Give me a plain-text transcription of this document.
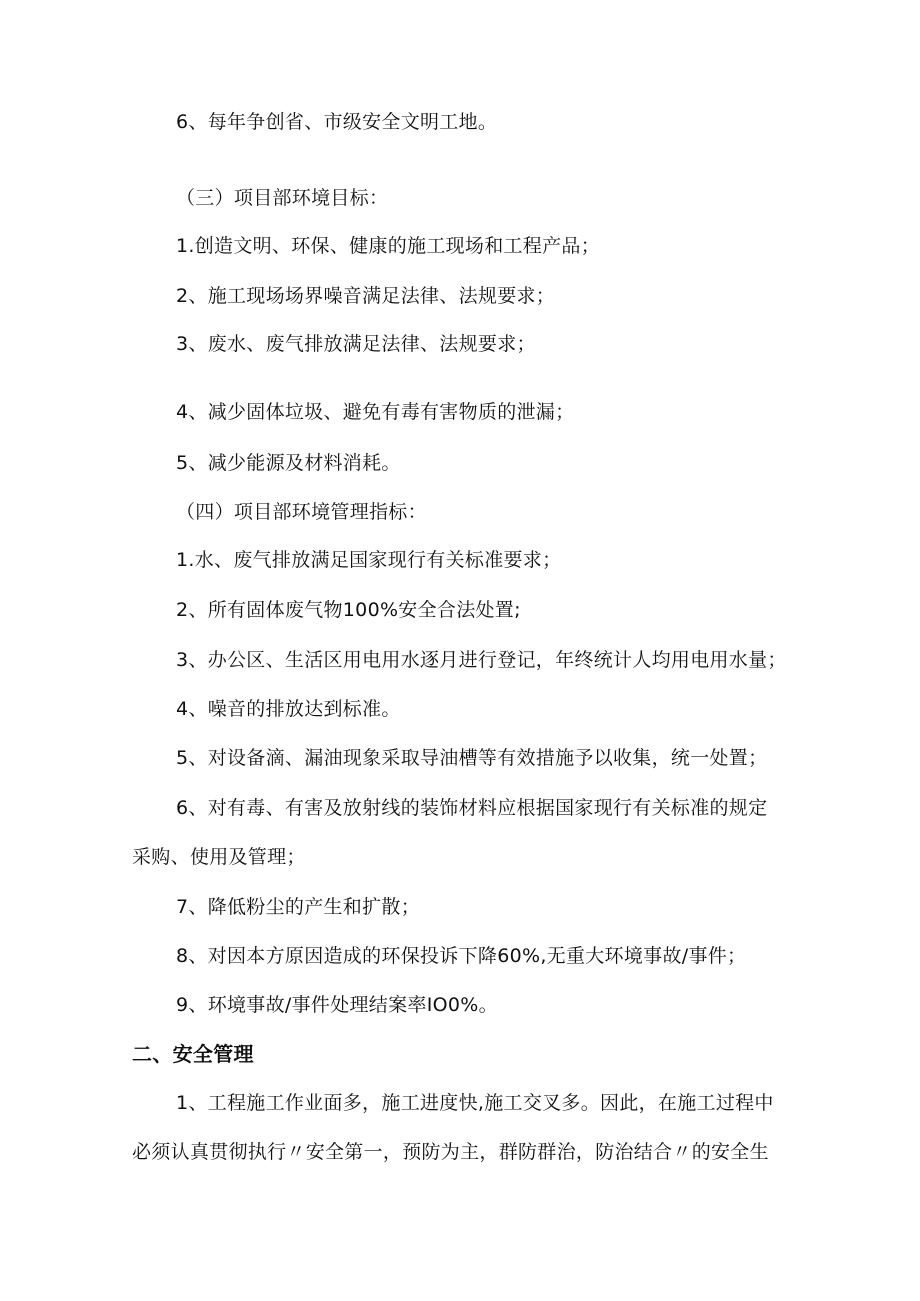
6、每年争创省、市级安全文明工地。
（三）项目部环境目标：
1.创造文明、环保、健康的施工现场和工程产品；
2、施工现场场界噪音满足法律、法规要求；
3、废水、废气排放满足法律、法规要求；
4、减少固体垃圾、避免有毒有害物质的泄漏；
5、减少能源及材料消耗。
（四）项目部环境管理指标：
1.水、废气排放满足国家现行有关标准要求；
2、所有固体废气物100%安全合法处置;
3、办公区、生活区用电用水逐月进行登记，年终统计人均用电用水量；
4、噪音的排放达到标准。
5、对设备滴、漏油现象采取导油槽等有效措施予以收集，统一处置；
6、对有毒、有害及放射线的装饰材料应根据国家现行有关标准的规定
采购、使用及管理；
7、降低粉尘的产生和扩散；
8、对因本方原因造成的环保投诉下降60%,无重大环境事故/事件；
9、环境事故/事件处理结案率IO0%。
二、安全管理
1、工程施工作业面多，施工进度快,施工交叉多。因此，在施工过程中
必须认真贯彻执行〃安全第一，预防为主，群防群治，防治结合〃的安全生
